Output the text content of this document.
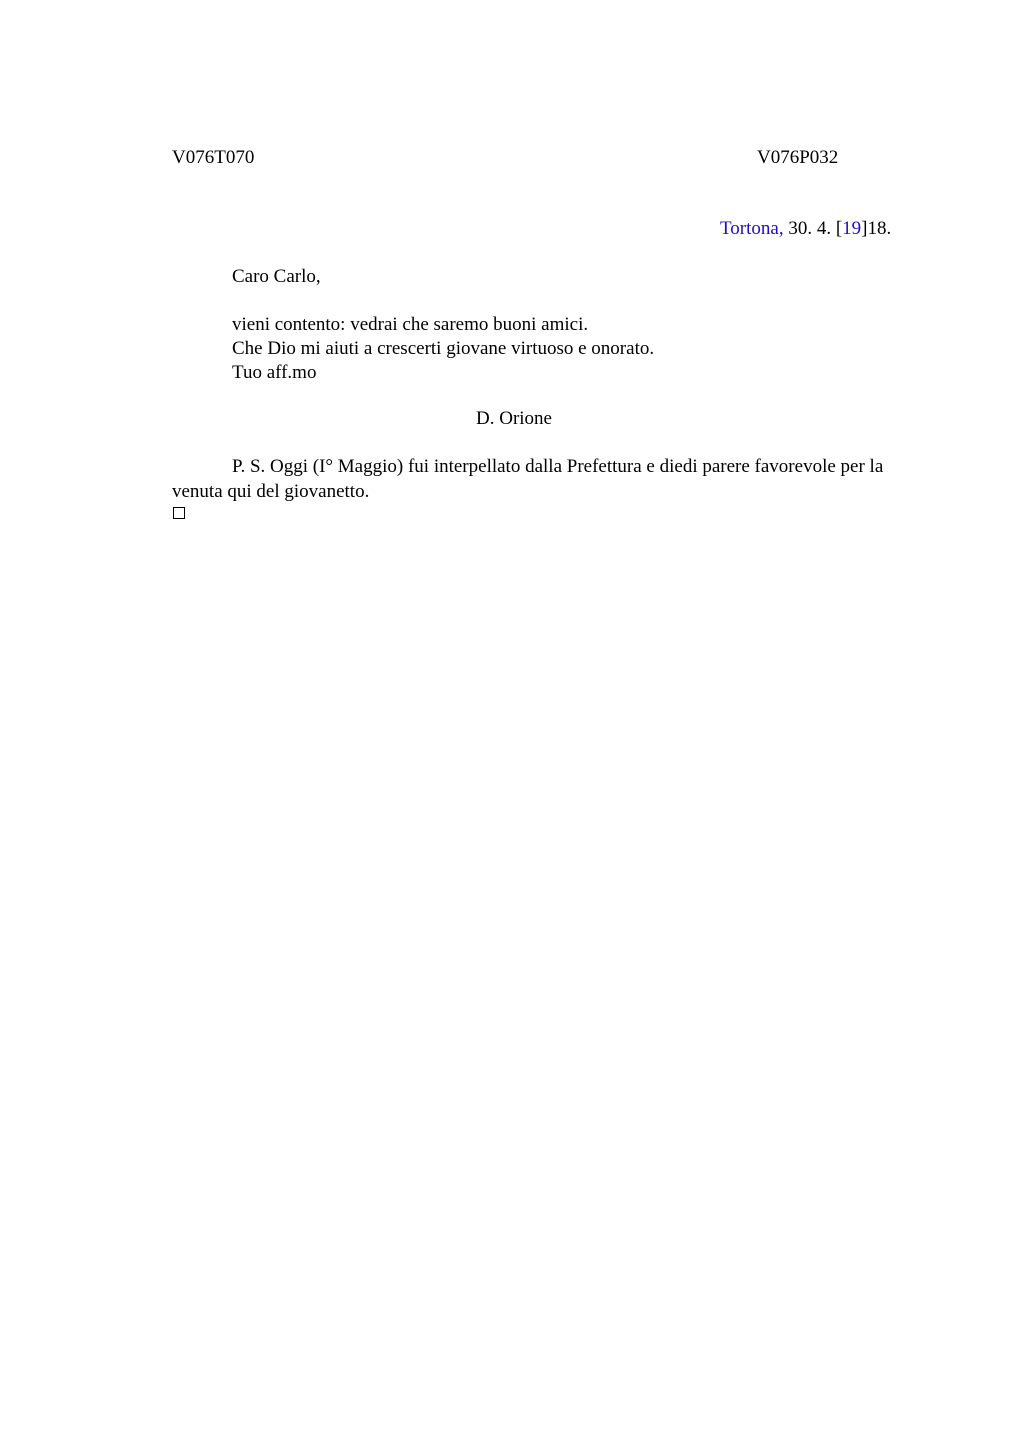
V076T070	V076P032
Tortona, 30. 4. [19]18.
Caro Carlo,
vieni contento: vedrai che saremo buoni amici.
Che Dio mi aiuti a crescerti giovane virtuoso e onorato.
Tuo aff.mo
D. Orione
P. S. Oggi (I° Maggio) fui interpellato dalla Prefettura e diedi parere favorevole per la venuta qui del giovanetto.
